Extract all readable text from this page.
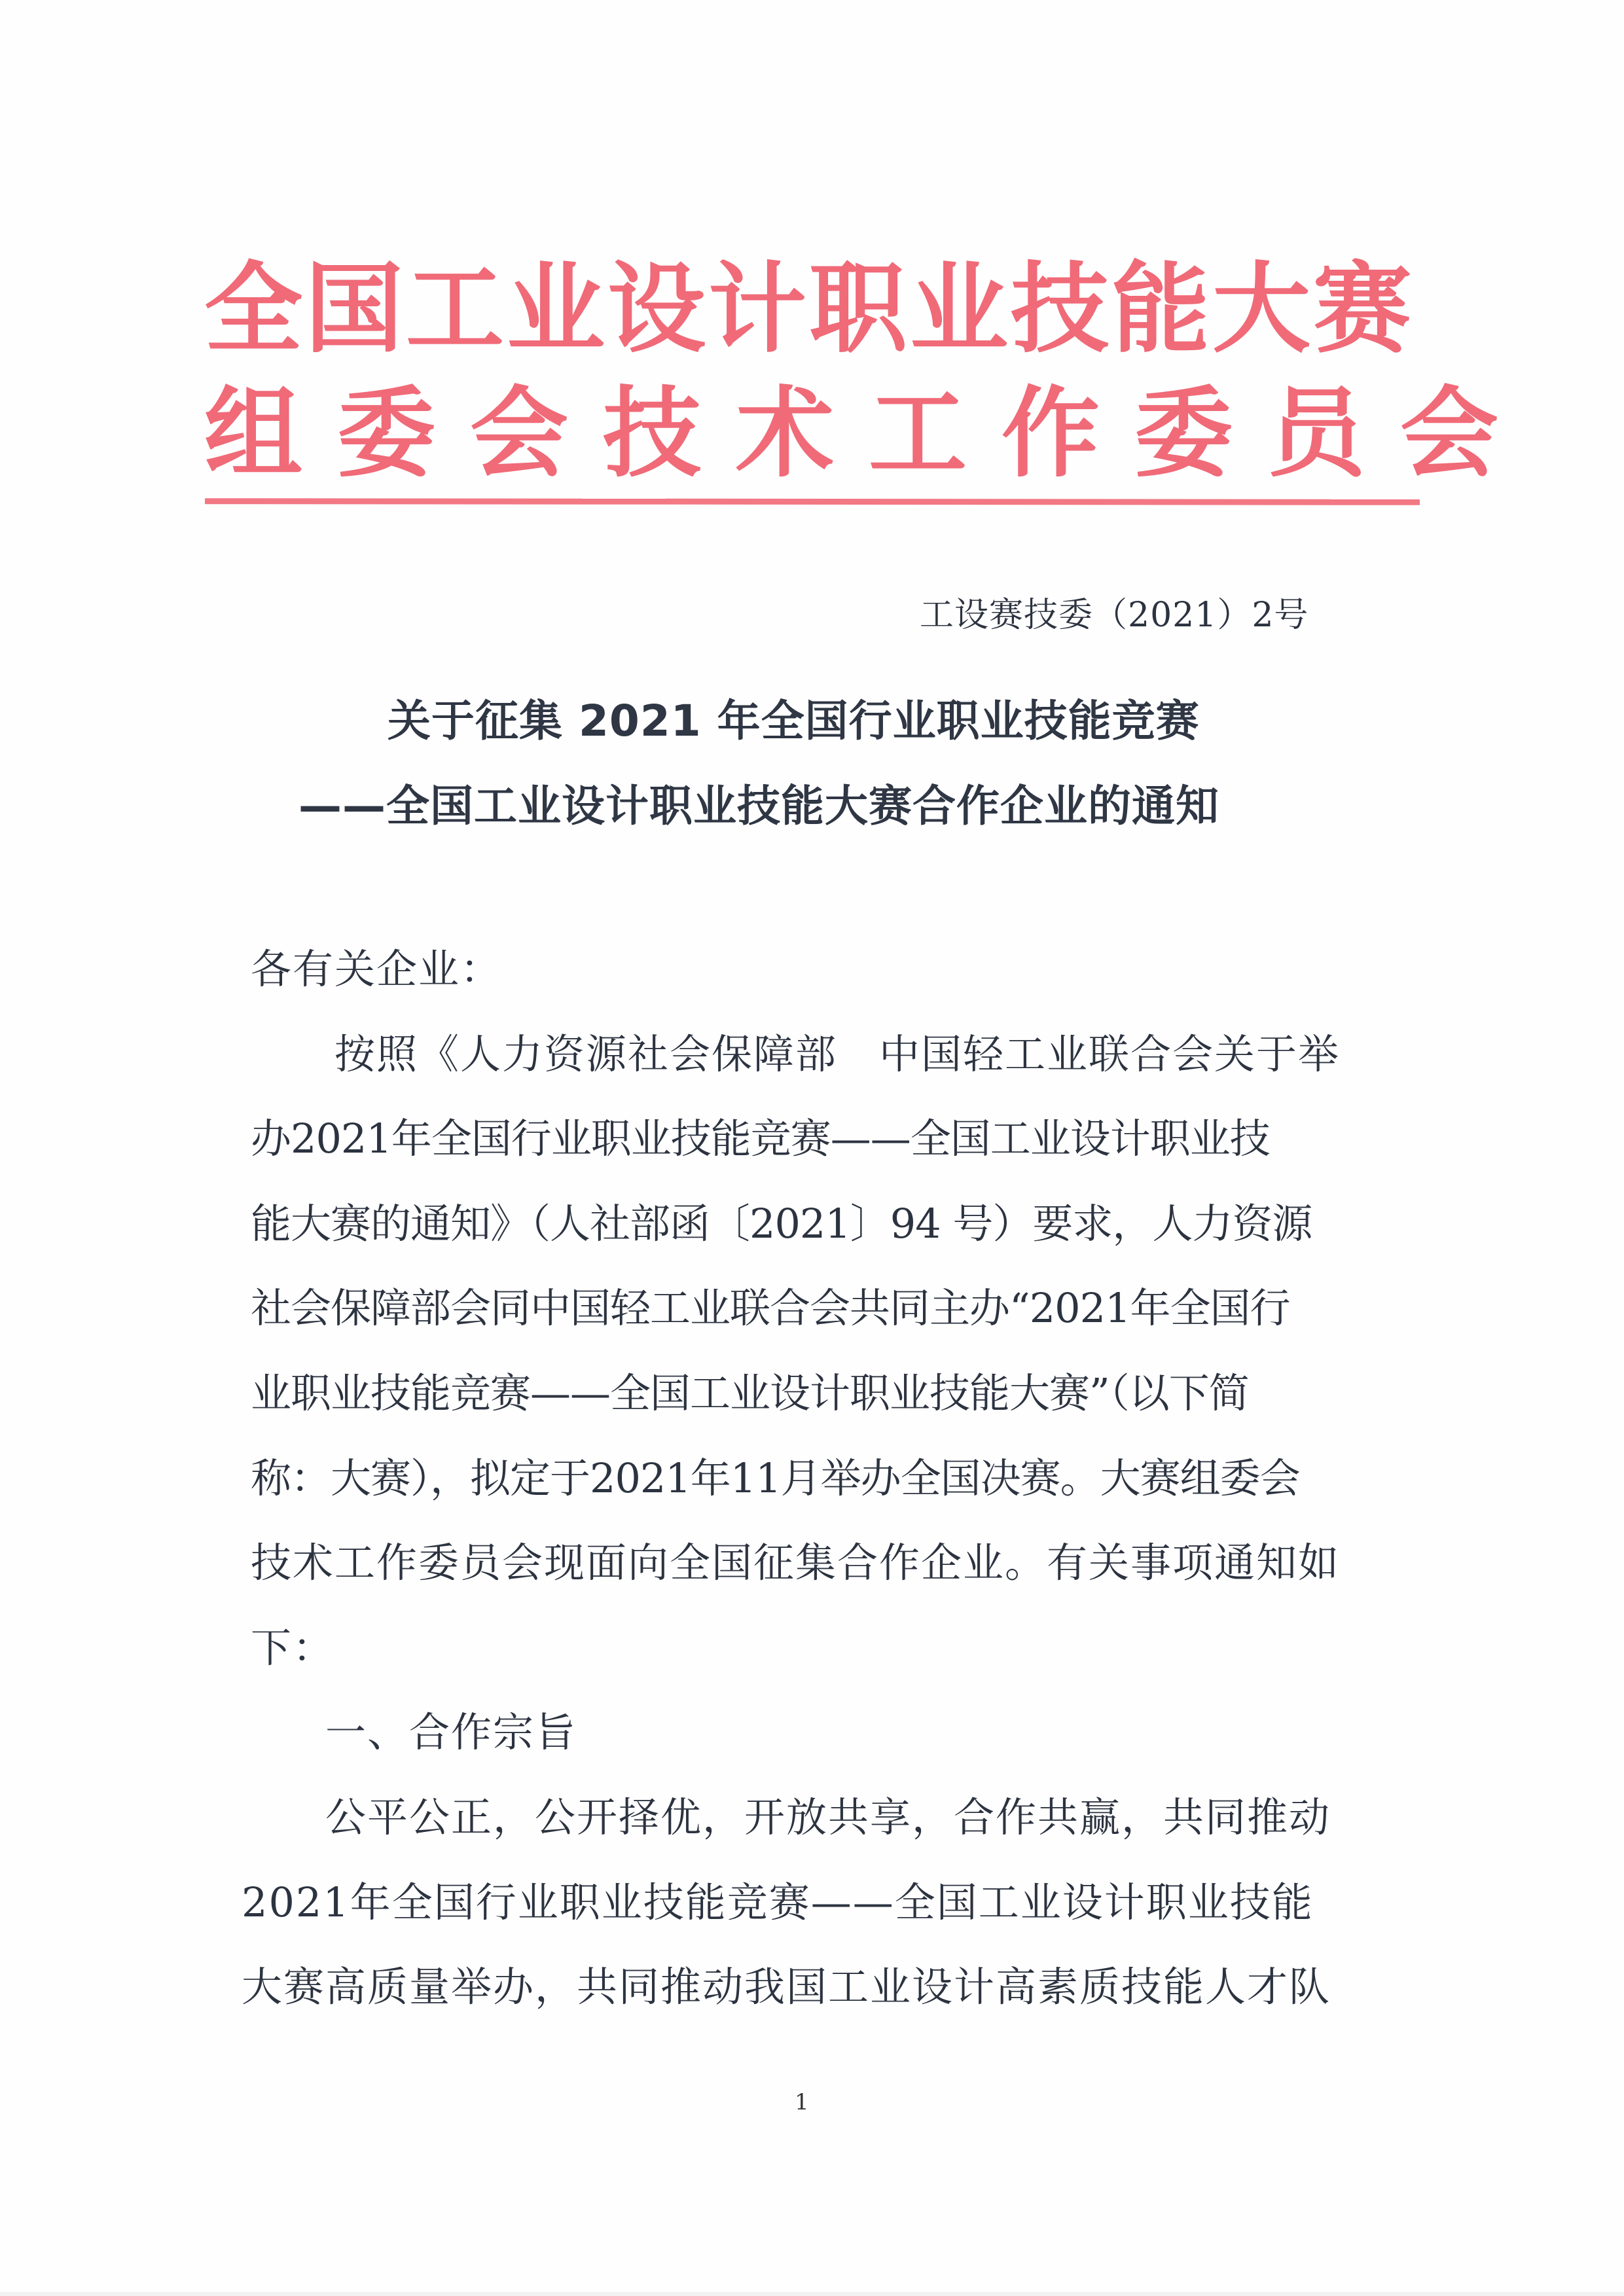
全国工业设计职业技能大赛
组委会技术工作委员会
工设赛技委（2021）2号
关于征集 2021 年全国行业职业技能竞赛
——全国工业设计职业技能大赛合作企业的通知
各有关企业：
按照《人力资源社会保障部　中国轻工业联合会关于举
办2021年全国行业职业技能竞赛——全国工业设计职业技
能大赛的通知》（人社部函〔2021〕94 号）要求，人力资源
社会保障部会同中国轻工业联合会共同主办“2021年全国行
业职业技能竞赛——全国工业设计职业技能大赛”（以下简
称：大赛），拟定于2021年11月举办全国决赛。大赛组委会
技术工作委员会现面向全国征集合作企业。有关事项通知如
下：
一、合作宗旨
公平公正，公开择优，开放共享，合作共赢，共同推动
2021年全国行业职业技能竞赛——全国工业设计职业技能
大赛高质量举办，共同推动我国工业设计高素质技能人才队
1
